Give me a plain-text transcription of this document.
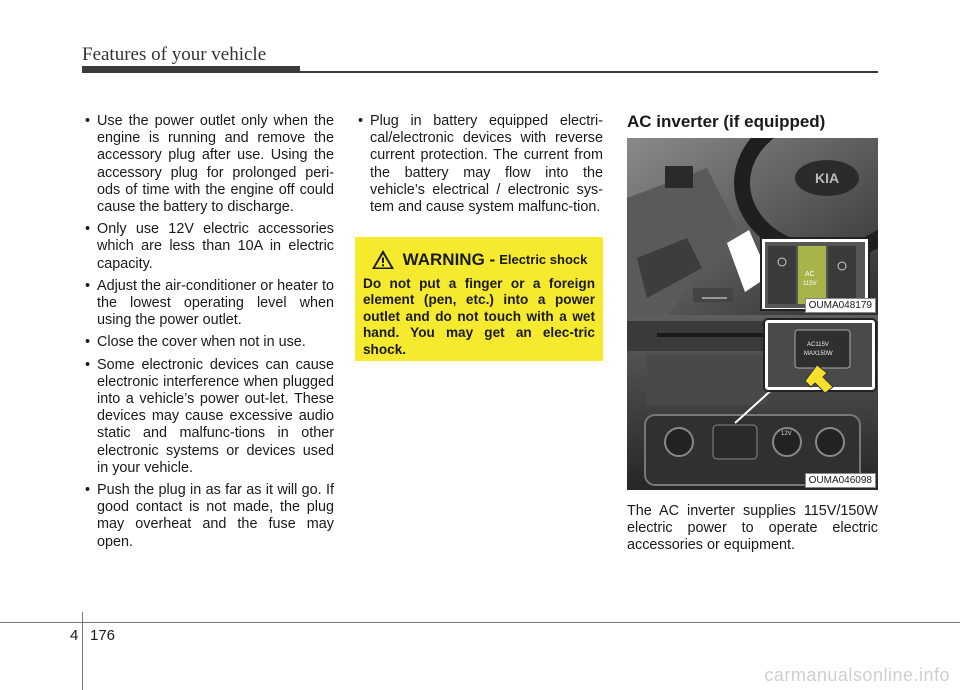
Features of your vehicle
• Use the power outlet only when the engine is running and remove the accessory plug after use. Using the accessory plug for prolonged peri-ods of time with the engine off could cause the battery to discharge.
• Only use 12V electric accessories which are less than 10A in electric capacity.
• Adjust the air-conditioner or heater to the lowest operating level when using the power outlet.
• Close the cover when not in use.
• Some electronic devices can cause electronic interference when plugged into a vehicle’s power out-let. These devices may cause excessive audio static and malfunc-tions in other electronic systems or devices used in your vehicle.
• Push the plug in as far as it will go. If good contact is not made, the plug may overheat and the fuse may open.
• Plug in battery equipped electri-cal/electronic devices with reverse current protection. The current from the battery may flow into the vehicle’s electrical / electronic sys-tem and cause system malfunc-tion.
WARNING - Electric shock
Do not put a finger or a foreign element (pen, etc.) into a power outlet and do not touch with a wet hand. You may get an elec-tric shock.
AC inverter (if equipped)
KIA
AC
115V
OUMA048179
12V
AC115V
MAX150W
OUMA046098
The AC inverter supplies 115V/150W electric power to operate electric accessories or equipment.
4 176
carmanualsonline.info
